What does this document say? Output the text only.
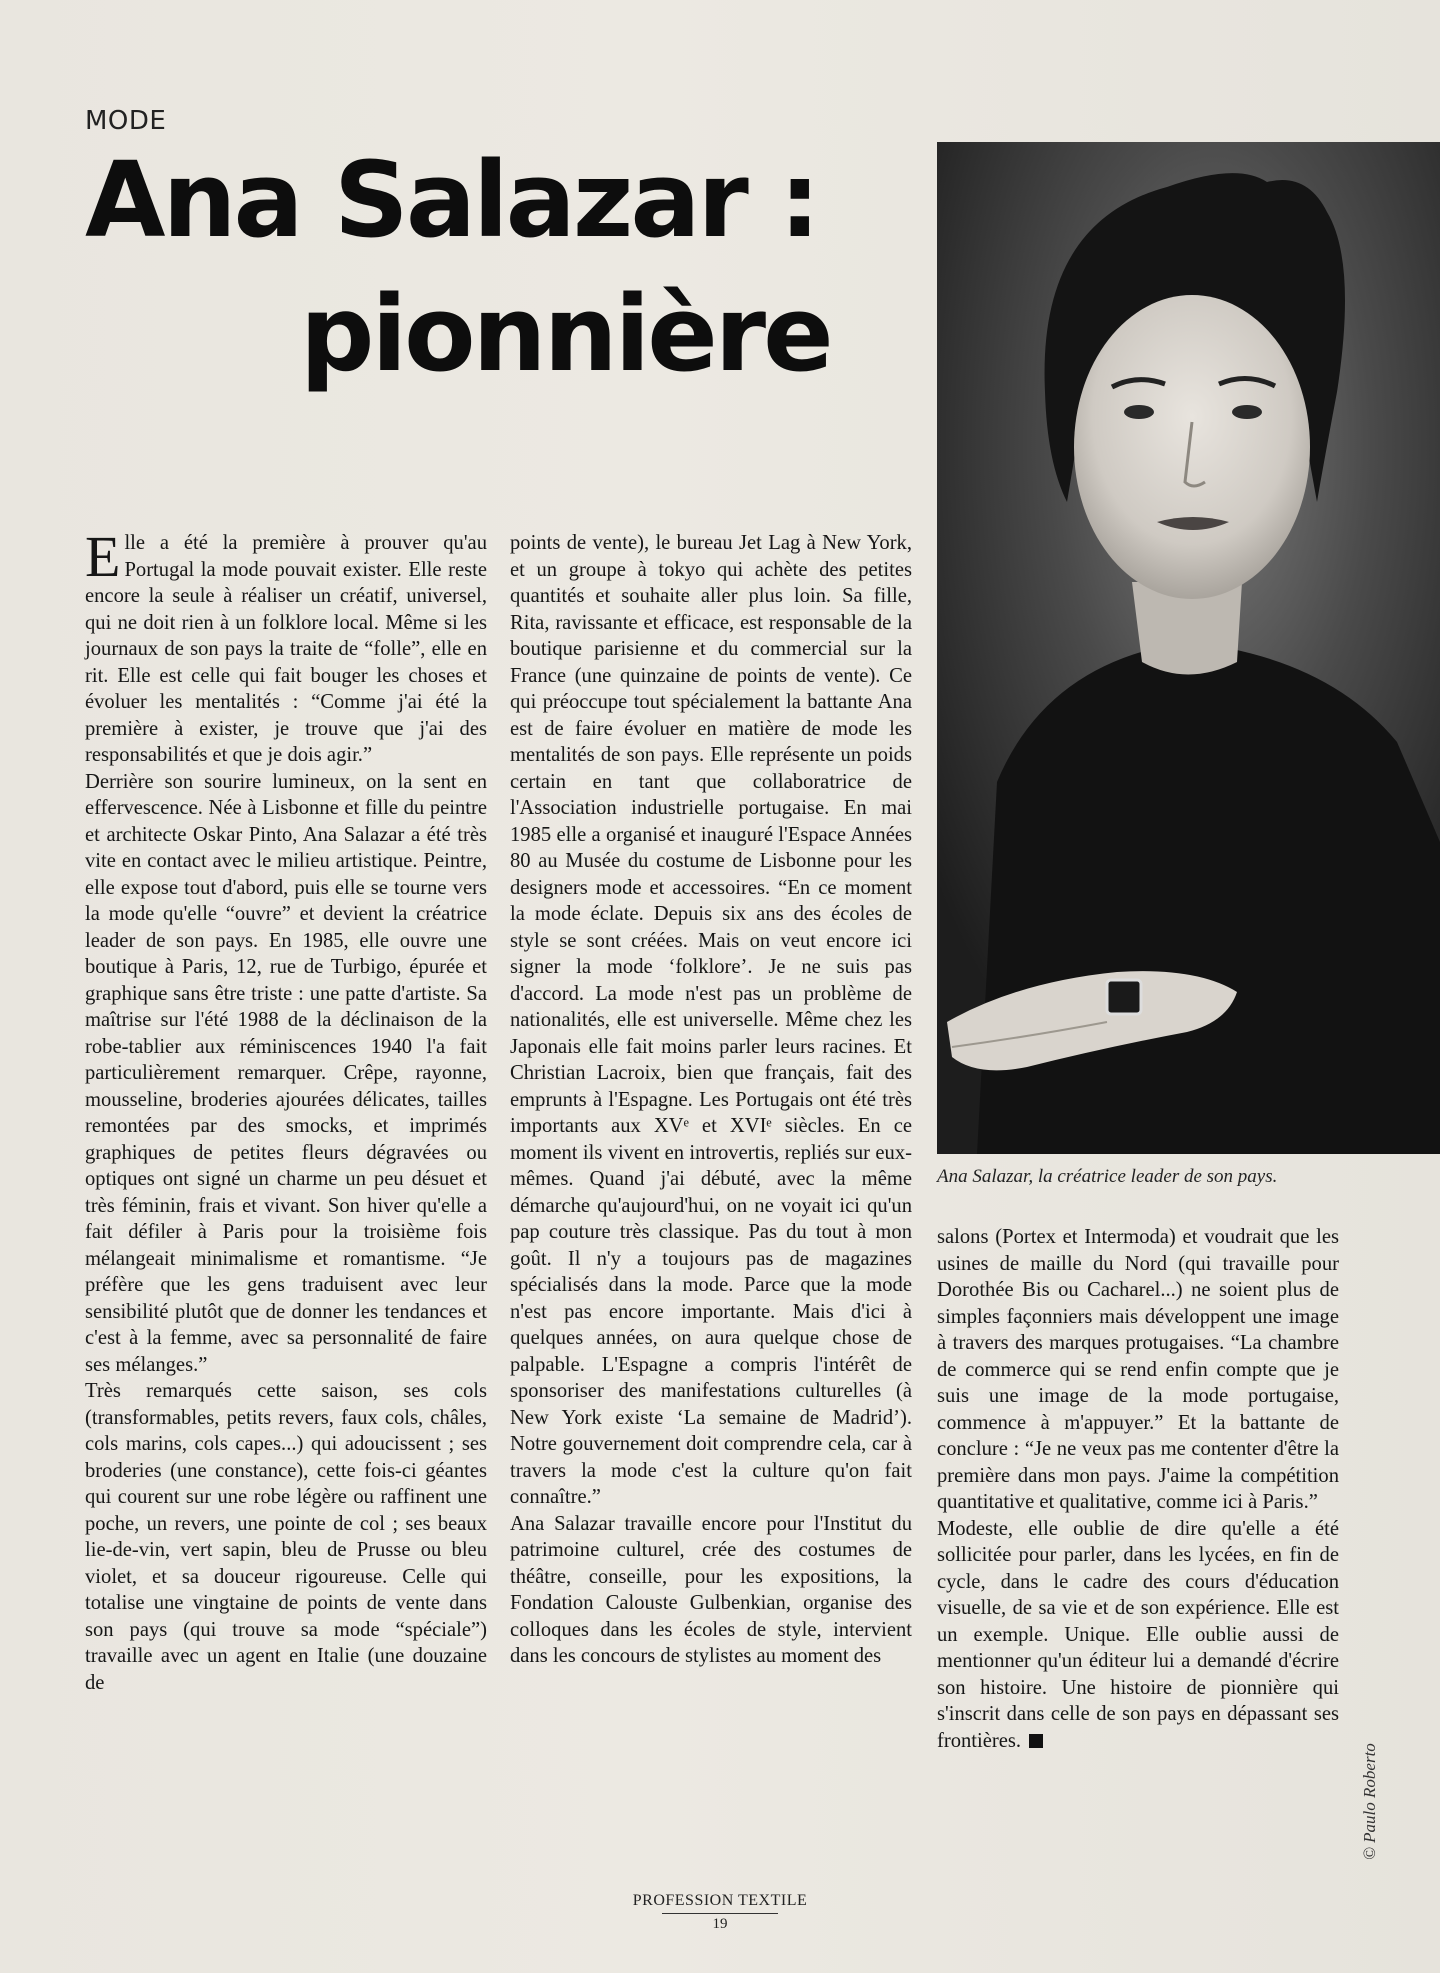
MODE
Ana Salazar :
pionnière

Ana Salazar, la créatrice leader de son pays.

Elle a été la première à prouver qu'au Portugal la mode pouvait exister. Elle reste encore la seule à réaliser un créatif, universel, qui ne doit rien à un folklore local. Même si les journaux de son pays la traite de “folle”, elle en rit. Elle est celle qui fait bouger les choses et évoluer les mentalités : “Comme j'ai été la première à exister, je trouve que j'ai des responsabilités et que je dois agir.”

Derrière son sourire lumineux, on la sent en effervescence. Née à Lisbonne et fille du peintre et architecte Oskar Pinto, Ana Salazar a été très vite en contact avec le milieu artistique. Peintre, elle expose tout d'abord, puis elle se tourne vers la mode qu'elle “ouvre” et devient la créatrice leader de son pays. En 1985, elle ouvre une boutique à Paris, 12, rue de Turbigo, épurée et graphique sans être triste : une patte d'artiste. Sa maîtrise sur l'été 1988 de la déclinaison de la robe-tablier aux réminiscences 1940 l'a fait particulièrement remarquer. Crêpe, rayonne, mousseline, broderies ajourées délicates, tailles remontées par des smocks, et imprimés graphiques de petites fleurs dégravées ou optiques ont signé un charme un peu désuet et très féminin, frais et vivant. Son hiver qu'elle a fait défiler à Paris pour la troisième fois mélangeait minimalisme et romantisme. “Je préfère que les gens traduisent avec leur sensibilité plutôt que de donner les tendances et c'est à la femme, avec sa personnalité de faire ses mélanges.”

Très remarqués cette saison, ses cols (transformables, petits revers, faux cols, châles, cols marins, cols capes...) qui adoucissent ; ses broderies (une constance), cette fois-ci géantes qui courent sur une robe légère ou raffinent une poche, un revers, une pointe de col ; ses beaux lie-de-vin, vert sapin, bleu de Prusse ou bleu violet, et sa douceur rigoureuse. Celle qui totalise une vingtaine de points de vente dans son pays (qui trouve sa mode “spéciale”) travaille avec un agent en Italie (une douzaine de

points de vente), le bureau Jet Lag à New York, et un groupe à tokyo qui achète des petites quantités et souhaite aller plus loin. Sa fille, Rita, ravissante et efficace, est responsable de la boutique parisienne et du commercial sur la France (une quinzaine de points de vente). Ce qui préoccupe tout spécialement la battante Ana est de faire évoluer en matière de mode les mentalités de son pays. Elle représente un poids certain en tant que collaboratrice de l'Association industrielle portugaise. En mai 1985 elle a organisé et inauguré l'Espace Années 80 au Musée du costume de Lisbonne pour les designers mode et accessoires. “En ce moment la mode éclate. Depuis six ans des écoles de style se sont créées. Mais on veut encore ici signer la mode ‘folklore’. Je ne suis pas d'accord. La mode n'est pas un problème de nationalités, elle est universelle. Même chez les Japonais elle fait moins parler leurs racines. Et Christian Lacroix, bien que français, fait des emprunts à l'Espagne. Les Portugais ont été très importants aux XVᵉ et XVIᵉ siècles. En ce moment ils vivent en introvertis, repliés sur eux-mêmes. Quand j'ai débuté, avec la même démarche qu'aujourd'hui, on ne voyait ici qu'un pap couture très classique. Pas du tout à mon goût. Il n'y a toujours pas de magazines spécialisés dans la mode. Parce que la mode n'est pas encore importante. Mais d'ici à quelques années, on aura quelque chose de palpable. L'Espagne a compris l'intérêt de sponsoriser des manifestations culturelles (à New York existe ‘La semaine de Madrid’). Notre gouvernement doit comprendre cela, car à travers la mode c'est la culture qu'on fait connaître.”

Ana Salazar travaille encore pour l'Institut du patrimoine culturel, crée des costumes de théâtre, conseille, pour les expositions, la Fondation Calouste Gulbenkian, organise des colloques dans les écoles de style, intervient dans les concours de stylistes au moment des

salons (Portex et Intermoda) et voudrait que les usines de maille du Nord (qui travaille pour Dorothée Bis ou Cacharel...) ne soient plus de simples façonniers mais développent une image à travers des marques protugaises. “La chambre de commerce qui se rend enfin compte que je suis une image de la mode portugaise, commence à m'appuyer.” Et la battante de conclure : “Je ne veux pas me contenter d'être la première dans mon pays. J'aime la compétition quantitative et qualitative, comme ici à Paris.”

Modeste, elle oublie de dire qu'elle a été sollicitée pour parler, dans les lycées, en fin de cycle, dans le cadre des cours d'éducation visuelle, de sa vie et de son expérience. Elle est un exemple. Unique. Elle oublie aussi de mentionner qu'un éditeur lui a demandé d'écrire son histoire. Une histoire de pionnière qui s'inscrit dans celle de son pays en dépassant ses frontières.

© Paulo Roberto
PROFESSION TEXTILE
19
